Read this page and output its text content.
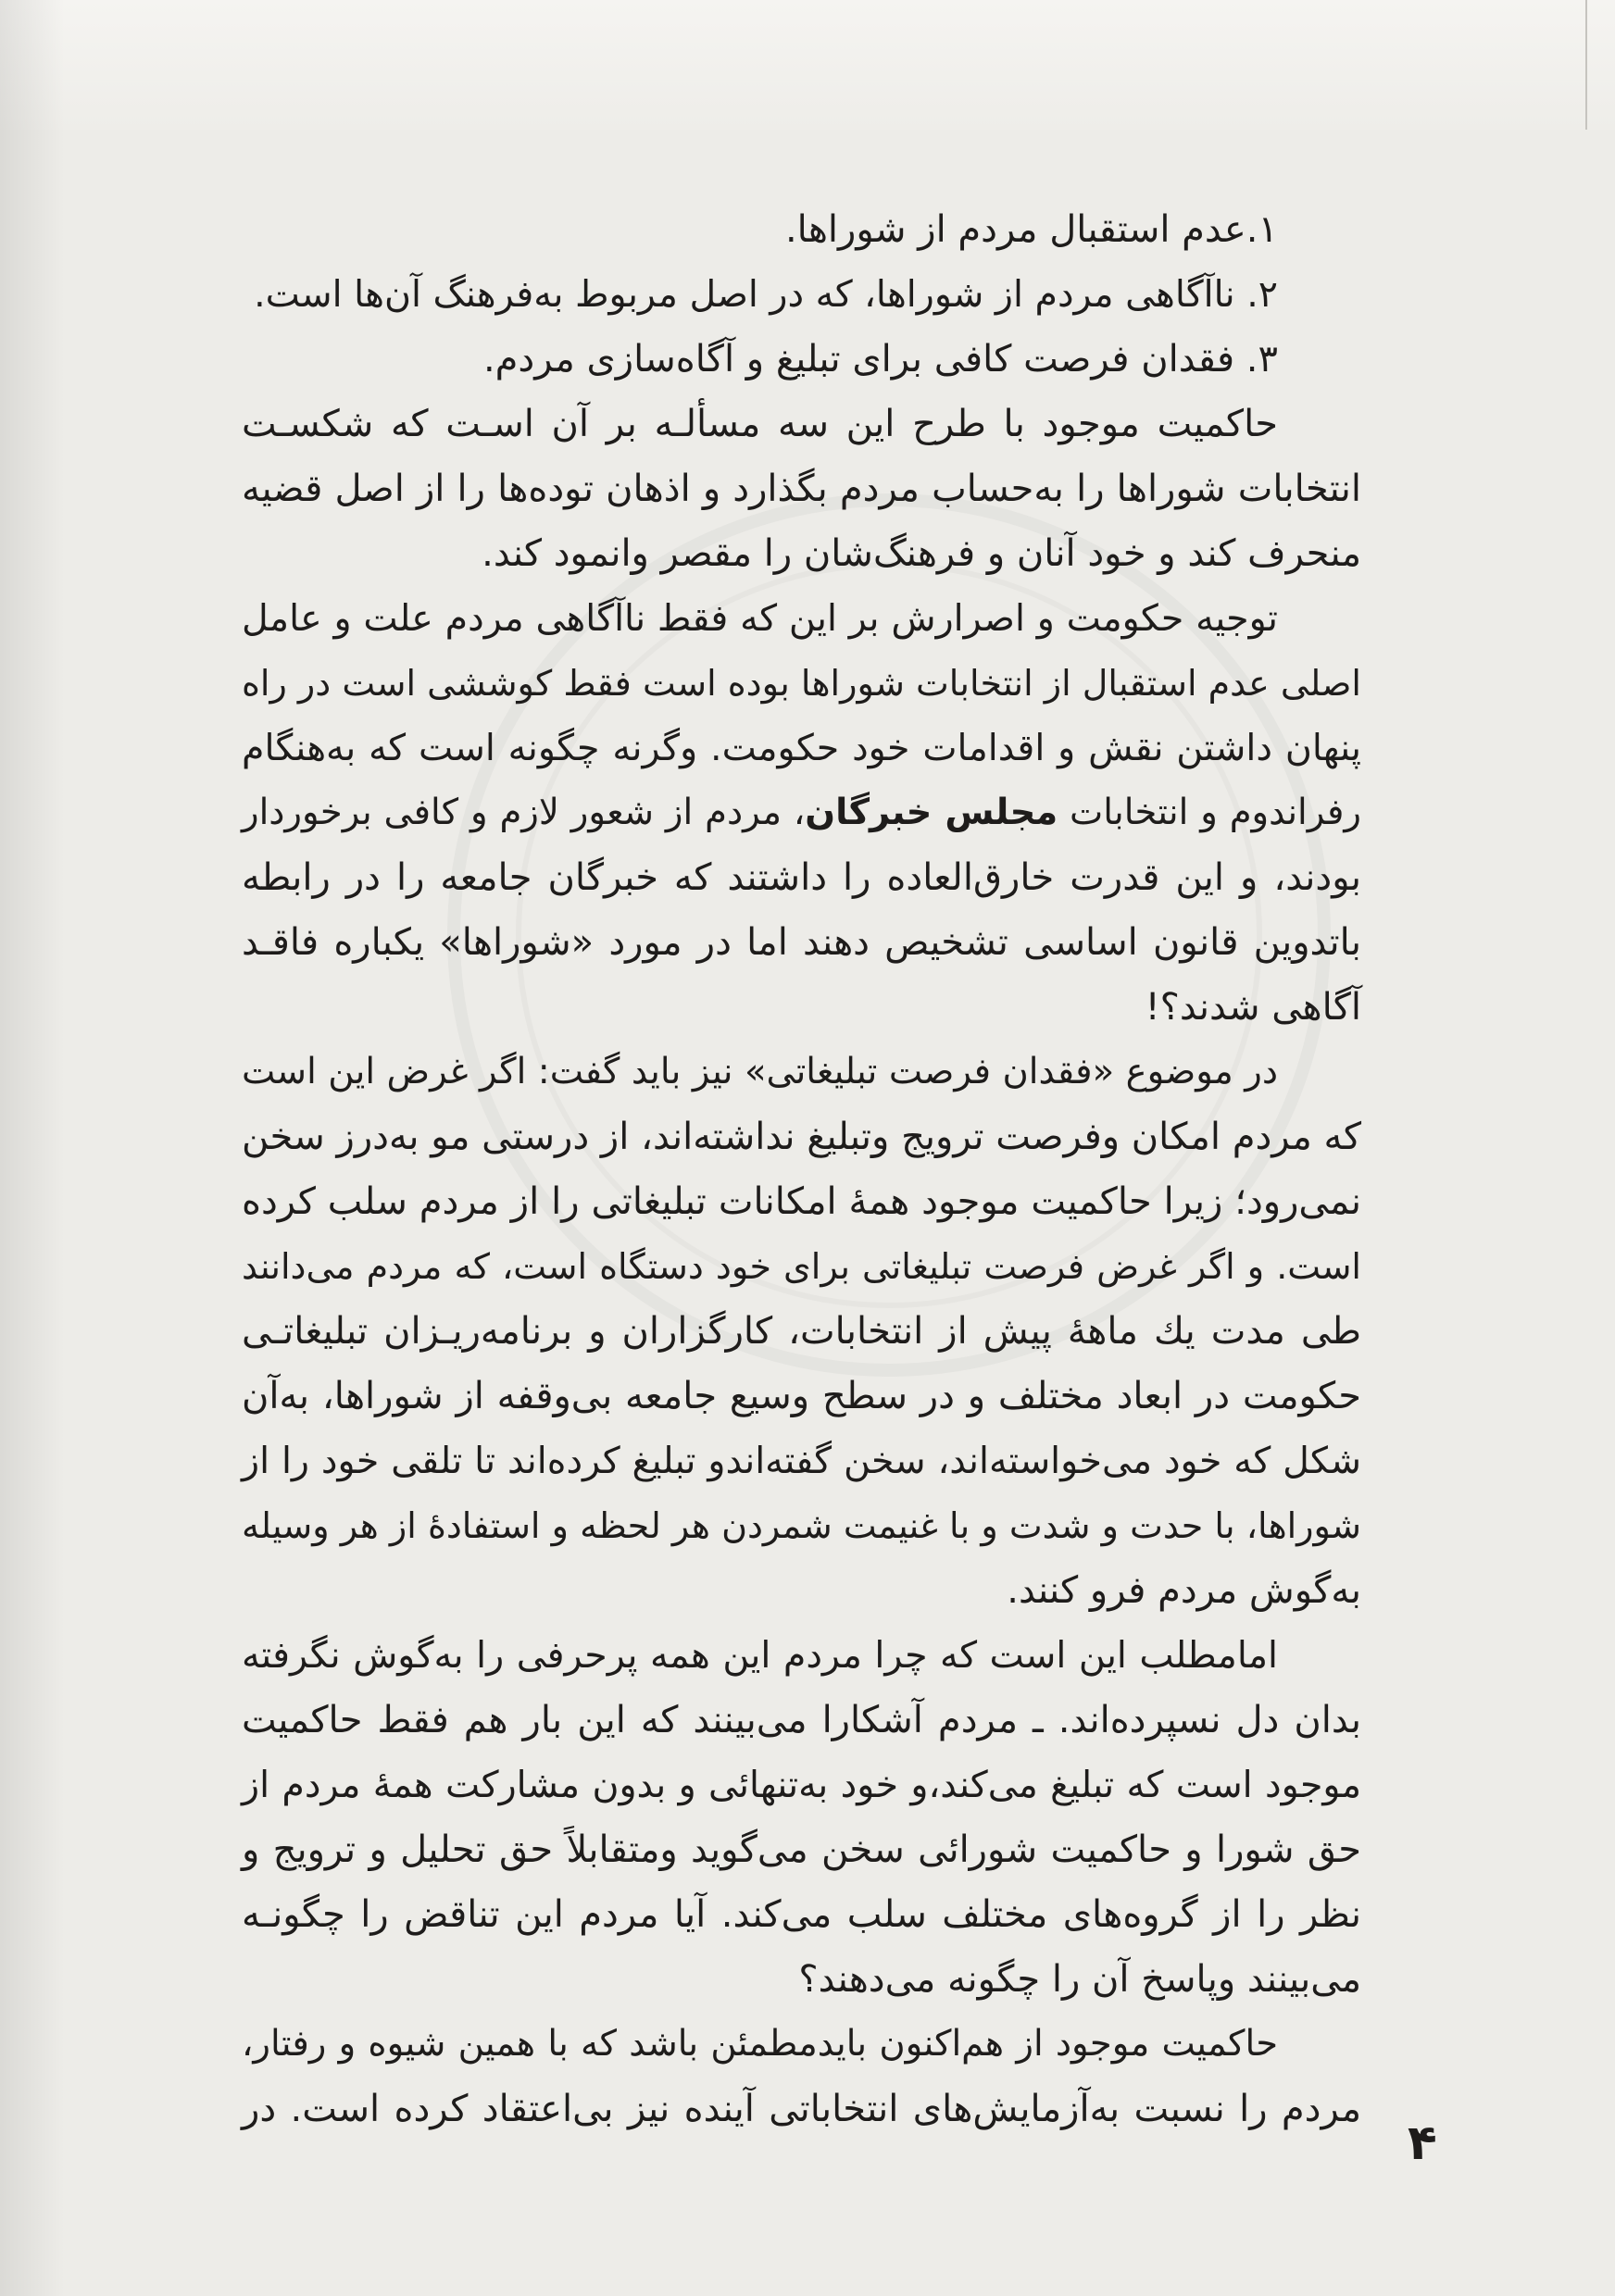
۱.عدم استقبال مردم از شوراها.
۲. ناآگاهی مردم از شوراها، که در اصل مربوط به‌فرهنگ آن‌ها است.
۳. فقدان فرصت کافی برای تبلیغ و آگاه‌سازی مردم.
حاکمیت موجود با طرح این سه مسألـه بر آن اسـت که شکسـت
انتخابات شوراها را به‌حساب مردم بگذارد و اذهان توده‌ها را از اصل قضیه
منحرف کند و خود آنان و فرهنگ‌شان را مقصر وانمود کند.
توجیه حکومت و اصرارش بر این که فقط ناآگاهی مردم علت و عامل
اصلی عدم استقبال از انتخابات شوراها بوده است فقط کوششی است در راه
پنهان داشتن نقش و اقدامات خود حکومت. وگرنه چگونه است که به‌هنگام
رفراندوم و انتخابات مجلس خبرگان، مردم از شعور لازم و کافی برخوردار
بودند، و این قدرت خارق‌العاده را داشتند که خبرگان جامعه را در رابطه
باتدوین قانون اساسی تشخیص دهند اما در مورد «شوراها» یکباره فاقـد
آگاهی شدند؟!
در موضوع «فقدان فرصت تبلیغاتی» نیز باید گفت: اگر غرض این است
که مردم امکان وفرصت ترویج وتبلیغ نداشته‌اند، از درستی مو به‌درز سخن
نمی‌رود؛ زیرا حاکمیت موجود همهٔ امکانات تبلیغاتی را از مردم سلب کرده
است. و اگر غرض فرصت تبلیغاتی برای خود دستگاه است، که مردم می‌دانند
طی مدت یك ماههٔ پیش از انتخابات، کارگزاران و برنامه‌ریـزان تبلیغاتـی
حکومت در ابعاد مختلف و در سطح وسیع جامعه بی‌وقفه از شوراها، به‌آن
شکل که خود می‌خواسته‌اند، سخن گفته‌اندو تبلیغ کرده‌اند تا تلقی خود را از
شوراها، با حدت و شدت و با غنیمت شمردن هر لحظه و استفادهٔ از هر وسیله
به‌گوش مردم فرو کنند.
امامطلب این است که چرا مردم این همه پرحرفی را به‌گوش نگرفته
بدان دل نسپرده‌اند. ـ مردم آشکارا می‌بینند که این بار هم فقط حاکمیت
موجود است که تبلیغ می‌کند،و خود به‌تنهائی و بدون مشارکت همهٔ مردم از
حق شورا و حاکمیت شورائی سخن می‌گوید ومتقابلاً حق تحلیل و ترویج و
نظر را از گروه‌های مختلف سلب می‌کند. آیا مردم این تناقض را چگونـه
می‌بینند وپاسخ آن را چگونه می‌دهند؟
حاکمیت موجود از هم‌اکنون بایدمطمئن باشد که با همین شیوه و رفتار،
مردم را نسبت به‌آزمایش‌های انتخاباتی آینده نیز بی‌اعتقاد کرده است. در
۴
